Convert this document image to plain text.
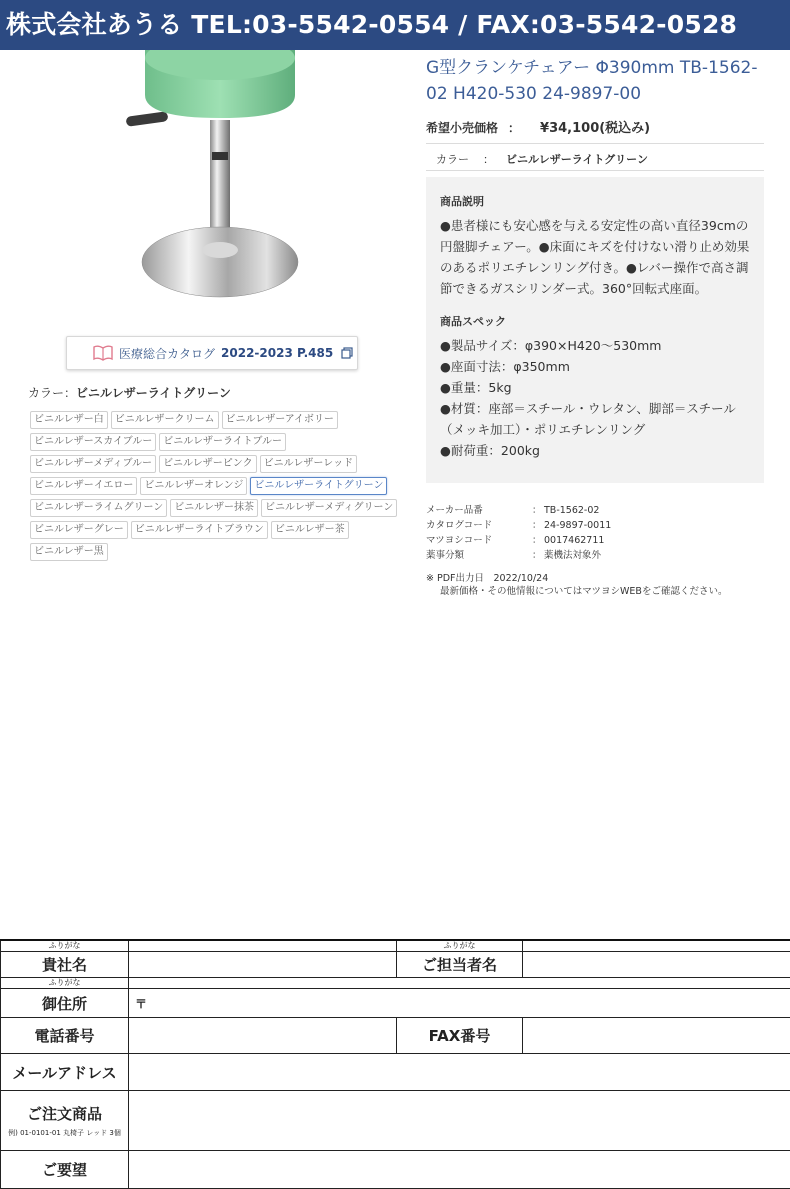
株式会社あうる TEL:03-5542-0554 / FAX:03-5542-0528
医療総合カタログ 2022-2023 P.485
カラー：ビニルレザーライトグリーン
ビニルレザー白	ビニルレザークリーム	ビニルレザーアイボリー
ビニルレザースカイブルー	ビニルレザーライトブルー
ビニルレザーメディブルー	ビニルレザーピンク	ビニルレザーレッド
ビニルレザーイエロー	ビニルレザーオレンジ	ビニルレザーライトグリーン
ビニルレザーライムグリーン	ビニルレザー抹茶	ビニルレザーメディグリーン
ビニルレザーグレー	ビニルレザーライトブラウン	ビニルレザー茶
ビニルレザー黒
G型クランケチェアー Φ390mm TB-1562-02 H420-530 24-9897-00
希望小売価格 ： ¥34,100(税込み)
カラー ： ビニルレザーライトグリーン
商品説明

●患者様にも安心感を与える安定性の高い直径39cmの円盤脚チェアー。●床面にキズを付けない滑り止め効果のあるポリエチレンリング付き。●レバー操作で高さ調節できるガスシリンダー式。360°回転式座面。

商品スペック
●製品サイズ：φ390×H420～530mm
●座面寸法：φ350mm
●重量：5kg
●材質：座部＝スチール・ウレタン、脚部＝スチール（メッキ加工）・ポリエチレンリング
●耐荷重：200kg
メーカー品番	： TB-1562-02
カタログコード	： 24-9897-0011
マツヨシコード	： 0017462711
薬事分類	： 薬機法対象外
※ PDF出力日　2022/10/24
最新価格・その他情報についてはマツヨシWEBをご確認ください。
ふりがな		ふりがな	
貴社名		ご担当者名	
ふりがな			
御住所	〒		
電話番号		FAX番号	
メールアドレス			
ご注文商品
例) 01-0101-01 丸椅子 レッド 3個			

ご要望			
